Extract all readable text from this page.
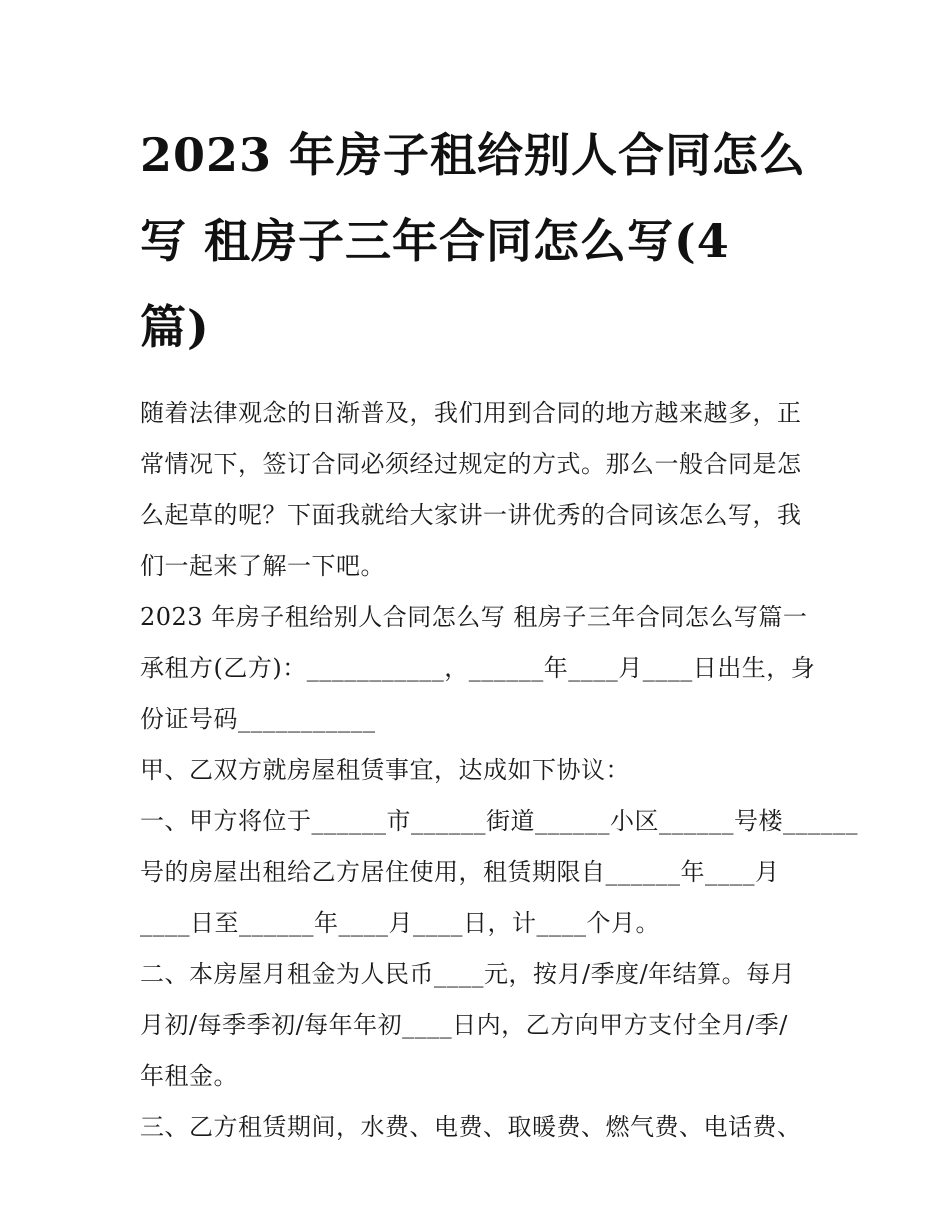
2023 年房子租给别人合同怎么
写 租房子三年合同怎么写(4
篇)

随着法律观念的日渐普及，我们用到合同的地方越来越多，正
常情况下，签订合同必须经过规定的方式。那么一般合同是怎
么起草的呢？下面我就给大家讲一讲优秀的合同该怎么写，我
们一起来了解一下吧。

2023 年房子租给别人合同怎么写 租房子三年合同怎么写篇一

承租方(乙方)：___________，______年____月____日出生，身
份证号码___________

甲、乙双方就房屋租赁事宜，达成如下协议：

一、甲方将位于______市______街道______小区______号楼______
号的房屋出租给乙方居住使用，租赁期限自______年____月
____日至______年____月____日，计____个月。

二、本房屋月租金为人民币____元，按月/季度/年结算。每月
月初/每季季初/每年年初____日内，乙方向甲方支付全月/季/
年租金。

三、乙方租赁期间，水费、电费、取暖费、燃气费、电话费、
